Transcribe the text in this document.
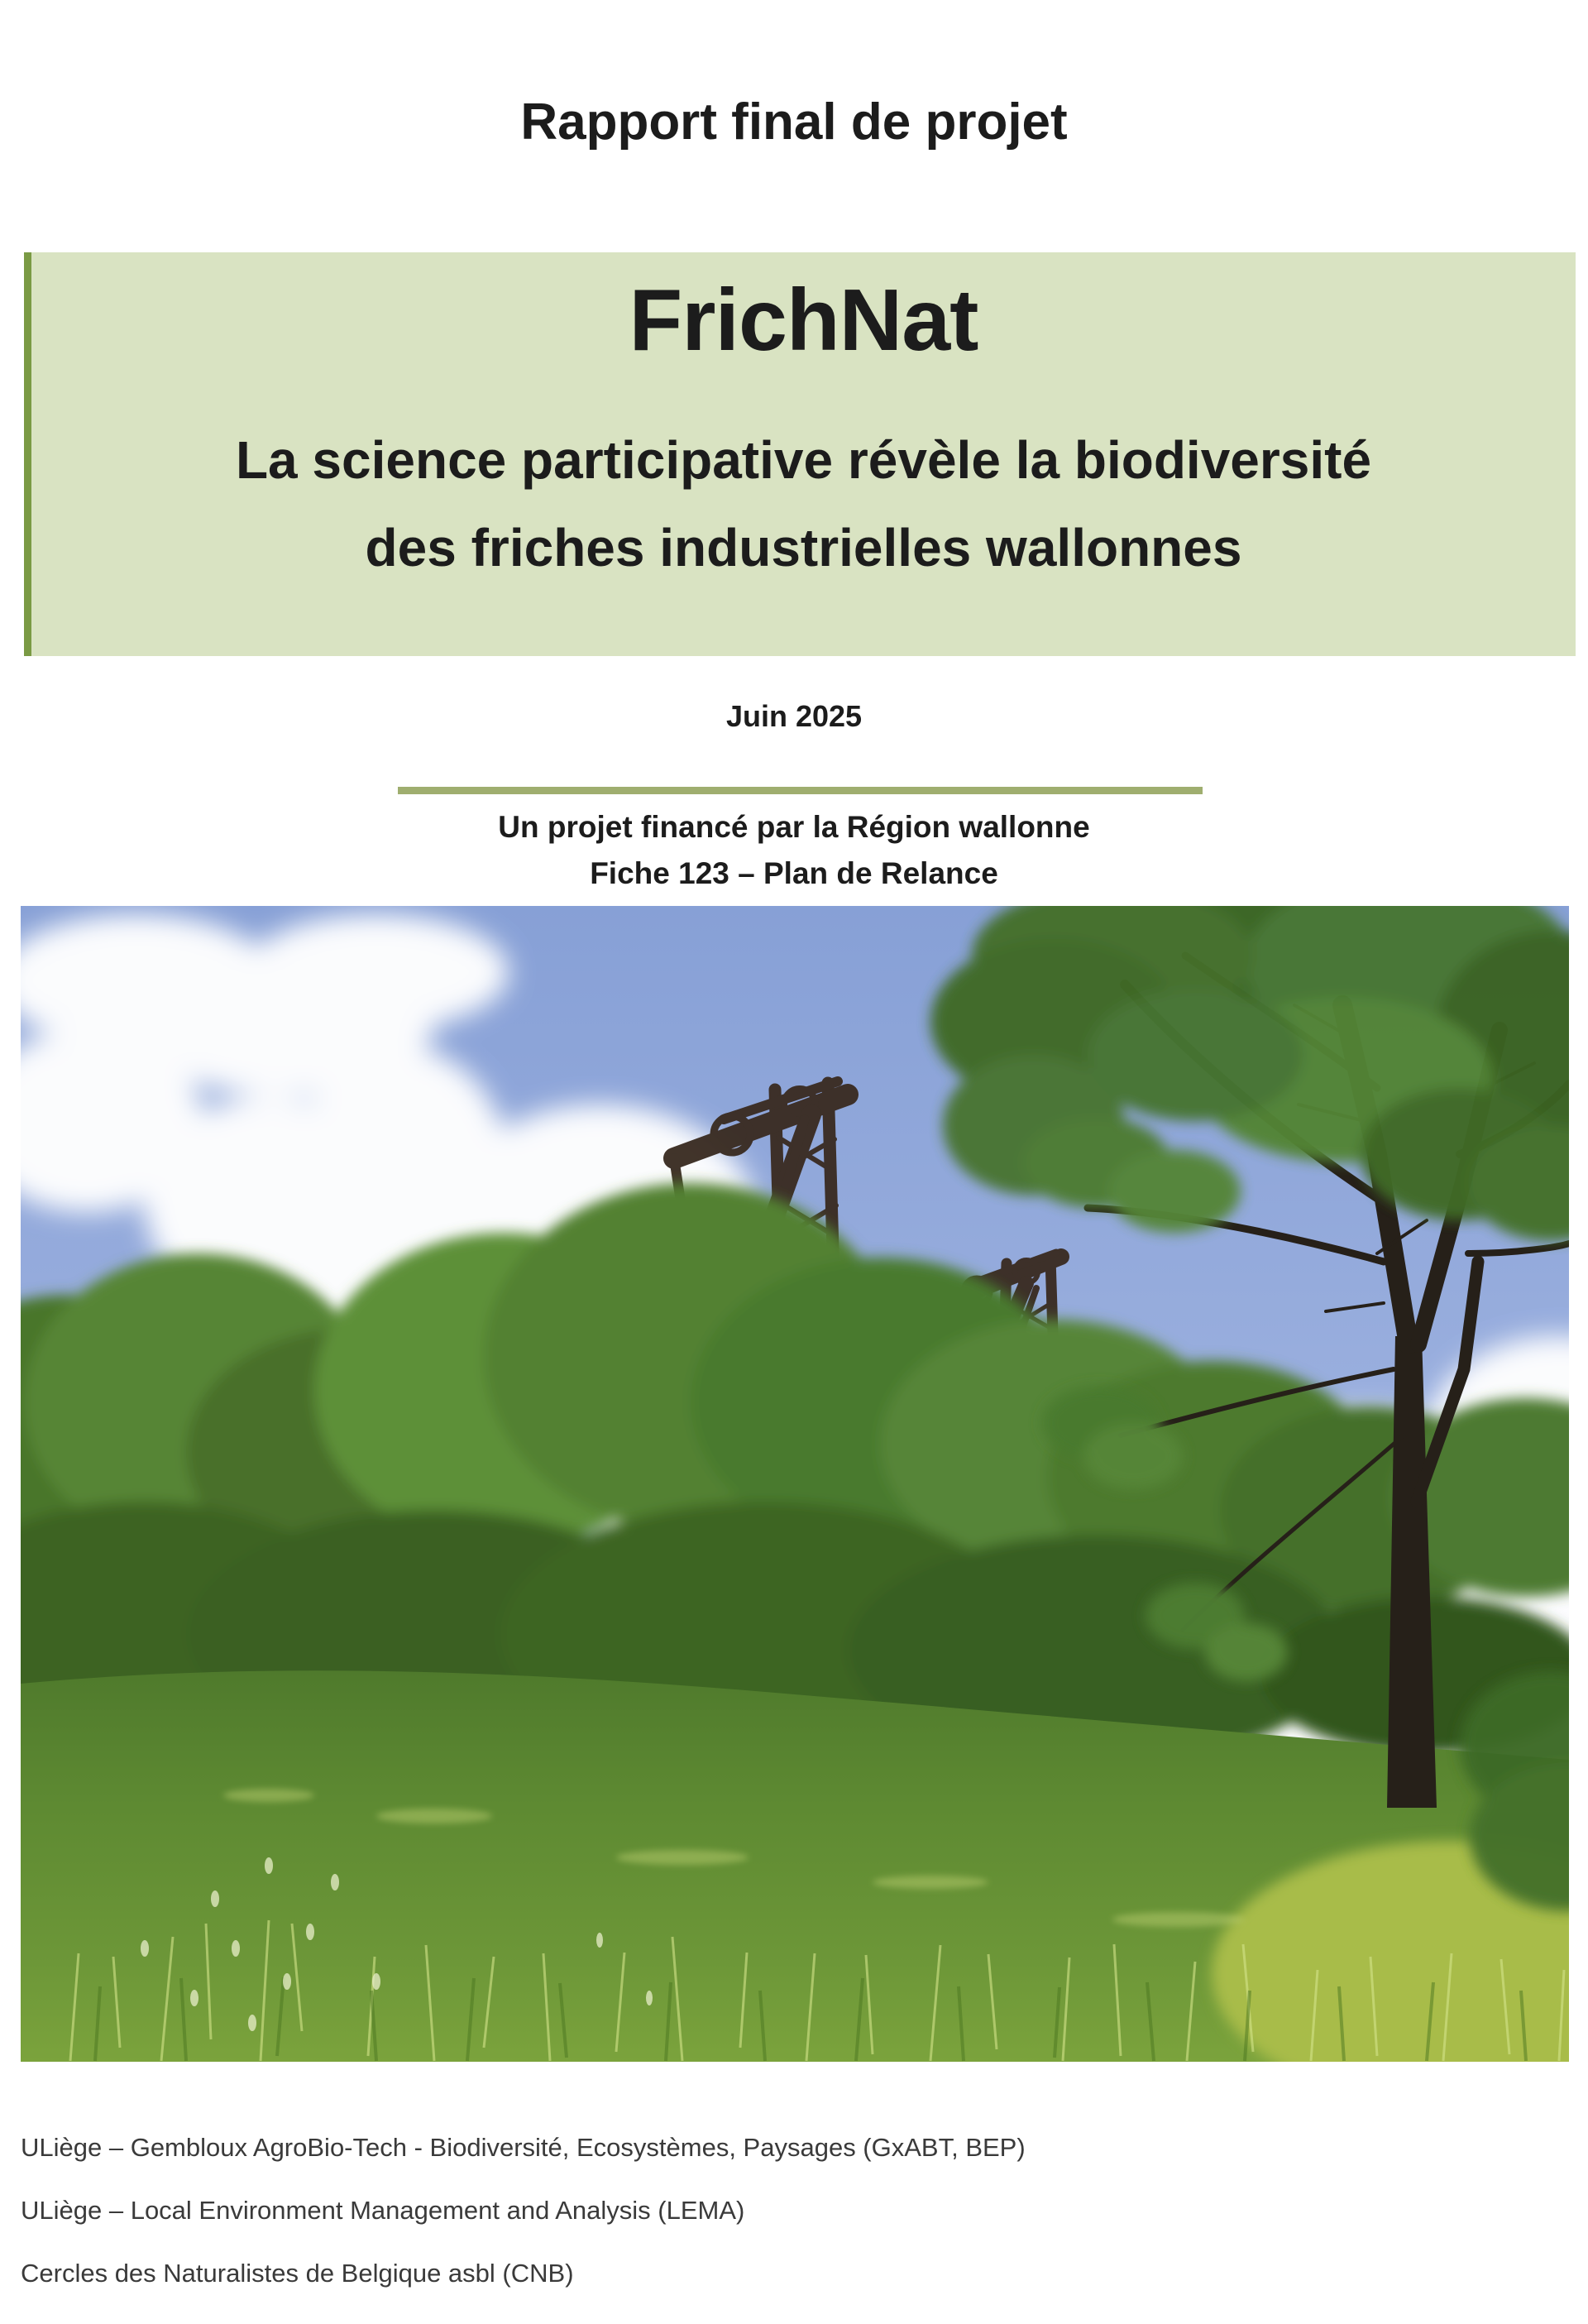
Rapport final de projet
FrichNat
La science participative révèle la biodiversité
des friches industrielles wallonnes
Juin 2025
Un projet financé par la Région wallonne
Fiche 123 – Plan de Relance
ULiège – Gembloux AgroBio-Tech - Biodiversité, Ecosystèmes, Paysages (GxABT, BEP)
ULiège – Local Environment Management and Analysis (LEMA)
Cercles des Naturalistes de Belgique asbl (CNB)
